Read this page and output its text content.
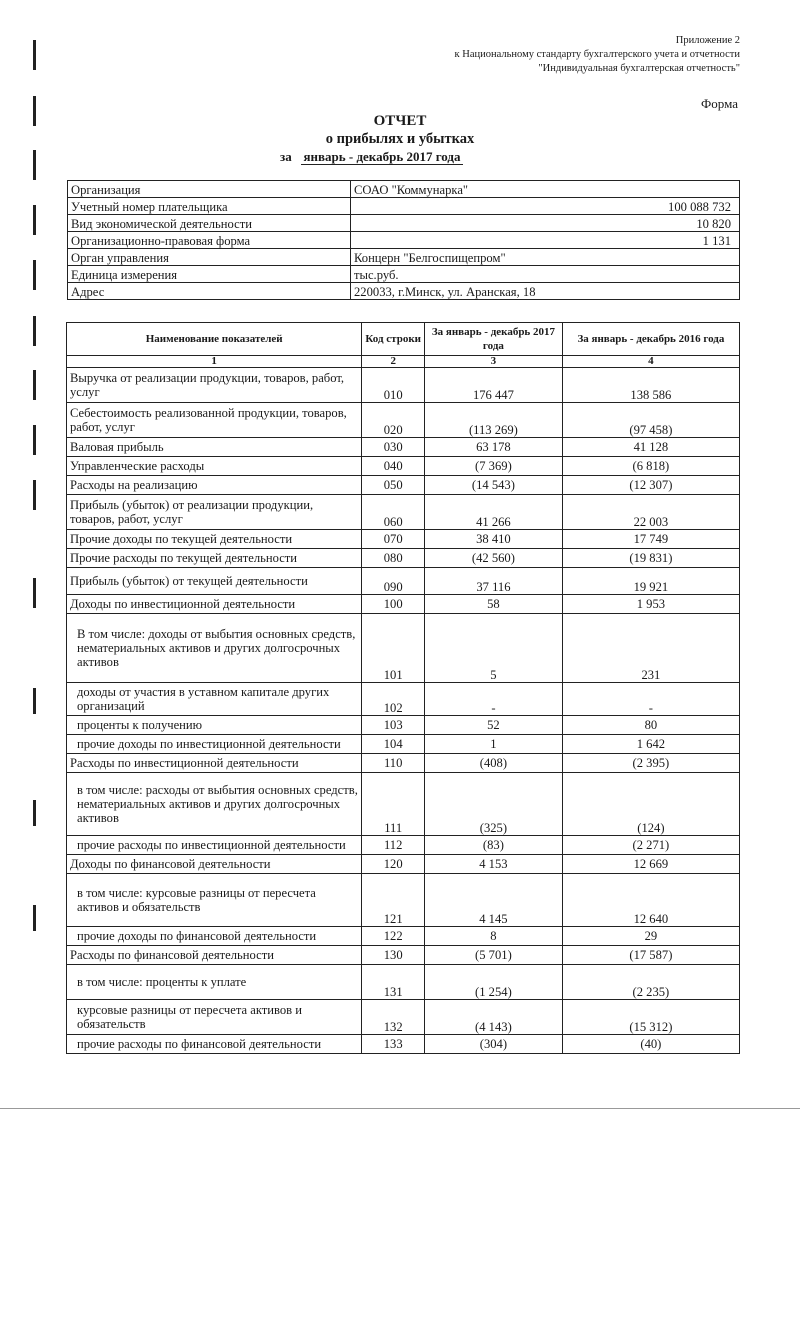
Приложение 2
к Национальному стандарту бухгалтерского учета и отчетности
"Индивидуальная бухгалтерская отчетность"
Форма
ОТЧЕТ
о прибылях и убытках
за январь - декабрь 2017 года
Организация	СОАО "Коммунарка"
Учетный номер плательщика	100 088 732
Вид экономической деятельности	10 820
Организационно-правовая форма	1 131
Орган управления	Концерн "Белгоспищепром"
Единица измерения	тыс.руб.
Адрес	220033, г.Минск, ул. Аранская, 18
Наименование показателей	Код строки	За январь - декабрь 2017 года	За январь - декабрь 2016 года
1	2	3	4
Выручка от реализации продукции, товаров, работ, услуг	010	176 447	138 586
Себестоимость реализованной продукции, товаров, работ, услуг	020	(113 269)	(97 458)
Валовая прибыль	030	63 178	41 128
Управленческие расходы	040	(7 369)	(6 818)
Расходы на реализацию	050	(14 543)	(12 307)
Прибыль (убыток) от реализации продукции, товаров, работ, услуг	060	41 266	22 003
Прочие доходы по текущей деятельности	070	38 410	17 749
Прочие расходы по текущей деятельности	080	(42 560)	(19 831)
Прибыль (убыток) от текущей деятельности	090	37 116	19 921
Доходы по инвестиционной деятельности	100	58	1 953
В том числе: доходы от выбытия основных средств, нематериальных активов и других долгосрочных активов	101	5	231
доходы от участия в уставном капитале других организаций	102	-	-
проценты к получению	103	52	80
прочие доходы по инвестиционной деятельности	104	1	1 642
Расходы по инвестиционной деятельности	110	(408)	(2 395)
в том числе: расходы от выбытия основных средств, нематериальных активов и других долгосрочных активов	111	(325)	(124)
прочие расходы по инвестиционной деятельности	112	(83)	(2 271)
Доходы по финансовой деятельности	120	4 153	12 669
в том числе: курсовые разницы от пересчета активов и обязательств	121	4 145	12 640
прочие доходы по финансовой деятельности	122	8	29
Расходы по финансовой деятельности	130	(5 701)	(17 587)
в том числе: проценты к уплате	131	(1 254)	(2 235)
курсовые разницы от пересчета активов и обязательств	132	(4 143)	(15 312)
прочие расходы по финансовой деятельности	133	(304)	(40)
